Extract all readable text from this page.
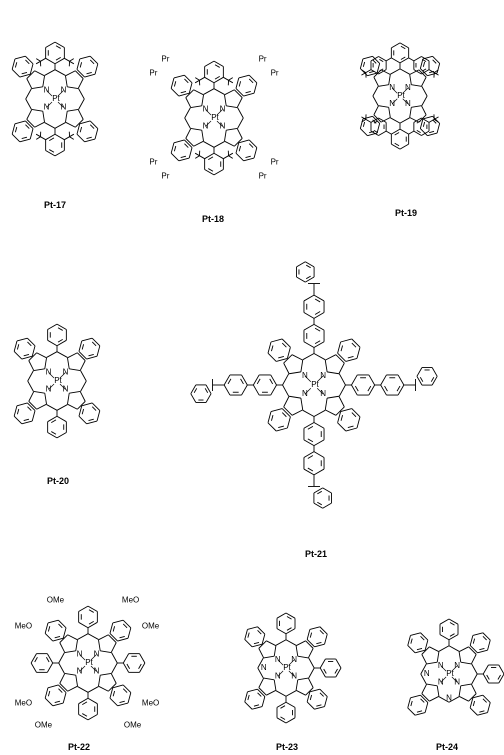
N N
N
N
Pt
N N
N
N
Pt
Pr
Pr
Pr
Pr
Pr
Pr
Pr
Pr
N N
N
N
Pt
N N
N
N
Pt
N N
N
N
Pt
N N
N
N
Pt
OMe
MeO
MeO
OMe
MeO
OMe
MeO
OMe
N N
N
N
Pt
N	N N
N
N
Pt
N
N
Pt-17
Pt-18
Pt-19
Pt-20
Pt-21
Pt-22	Pt-23	Pt-24
